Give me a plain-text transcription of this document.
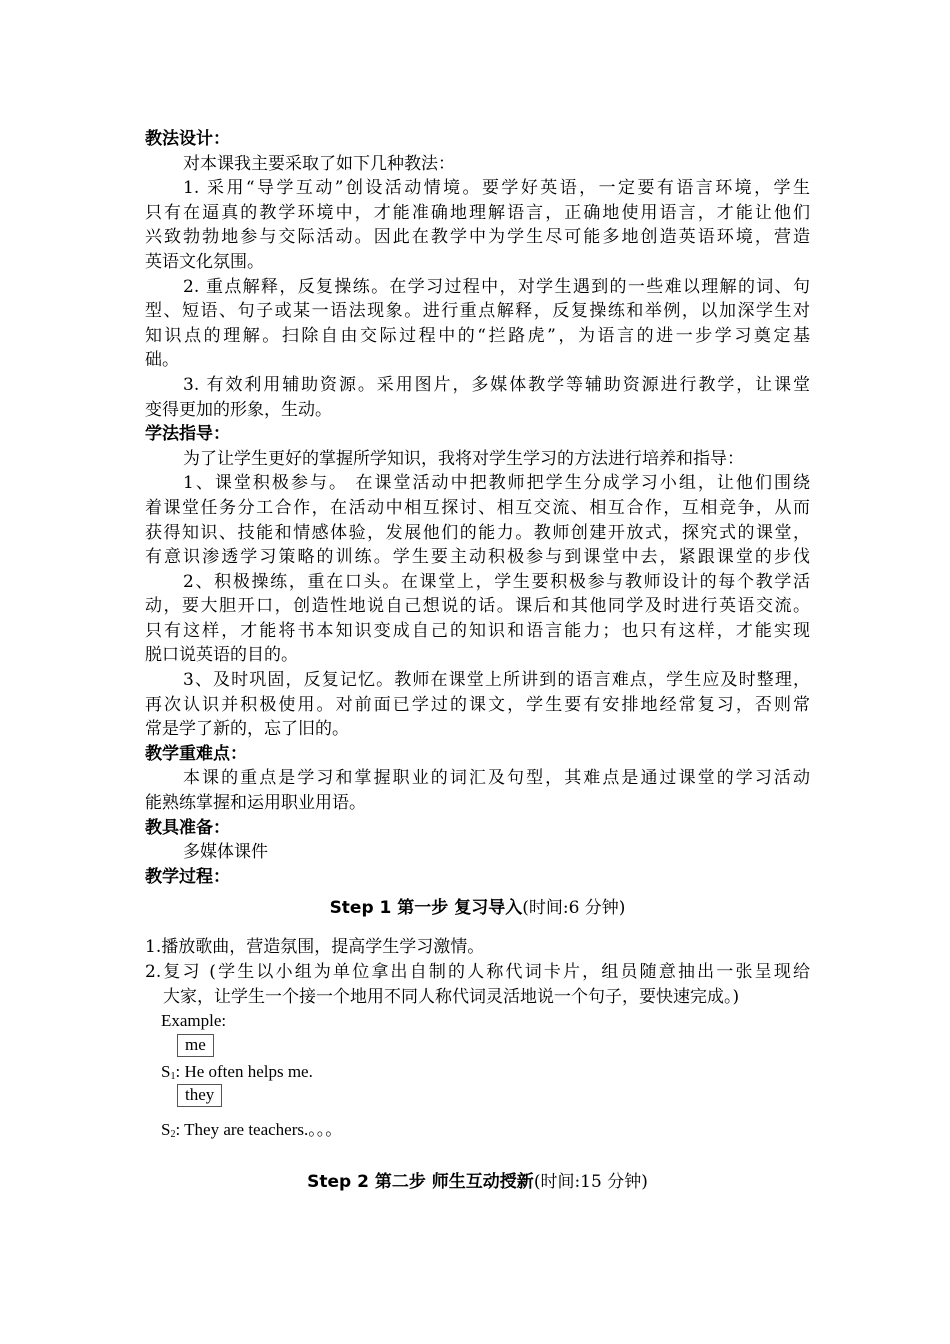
教法设计：
对本课我主要采取了如下几种教法：
1. 采用“导学互动”创设活动情境。要学好英语，一定要有语言环境，学生
只有在逼真的教学环境中，才能准确地理解语言，正确地使用语言，才能让他们
兴致勃勃地参与交际活动。因此在教学中为学生尽可能多地创造英语环境，营造
英语文化氛围。
2. 重点解释，反复操练。在学习过程中，对学生遇到的一些难以理解的词、句
型、短语、句子或某一语法现象。进行重点解释，反复操练和举例，以加深学生对
知识点的理解。扫除自由交际过程中的“拦路虎”，为语言的进一步学习奠定基
础。
3. 有效利用辅助资源。采用图片，多媒体教学等辅助资源进行教学，让课堂
变得更加的形象，生动。
学法指导：
为了让学生更好的掌握所学知识，我将对学生学习的方法进行培养和指导：
1、课堂积极参与。 在课堂活动中把教师把学生分成学习小组，让他们围绕
着课堂任务分工合作，在活动中相互探讨、相互交流、相互合作，互相竞争，从而
获得知识、技能和情感体验，发展他们的能力。教师创建开放式，探究式的课堂，
有意识渗透学习策略的训练。学生要主动积极参与到课堂中去，紧跟课堂的步伐
2、积极操练，重在口头。在课堂上，学生要积极参与教师设计的每个教学活
动，要大胆开口，创造性地说自己想说的话。课后和其他同学及时进行英语交流。
只有这样，才能将书本知识变成自己的知识和语言能力；也只有这样，才能实现
脱口说英语的目的。
3、及时巩固，反复记忆。教师在课堂上所讲到的语言难点，学生应及时整理，
再次认识并积极使用。对前面已学过的课文，学生要有安排地经常复习，否则常
常是学了新的，忘了旧的。
教学重难点：
本课的重点是学习和掌握职业的词汇及句型，其难点是通过课堂的学习活动
能熟练掌握和运用职业用语。
教具准备：
多媒体课件
教学过程：
Step 1 第一步 复习导入(时间:6 分钟)
1.播放歌曲，营造氛围，提高学生学习激情。
2.复习 (学生以小组为单位拿出自制的人称代词卡片，组员随意抽出一张呈现给
大家，让学生一个接一个地用不同人称代词灵活地说一个句子，要快速完成。)
Example:
me
$S_1$: He often helps me.
they
$S_2$: They are teachers.。。。
Step 2 第二步 师生互动授新(时间:15 分钟)
